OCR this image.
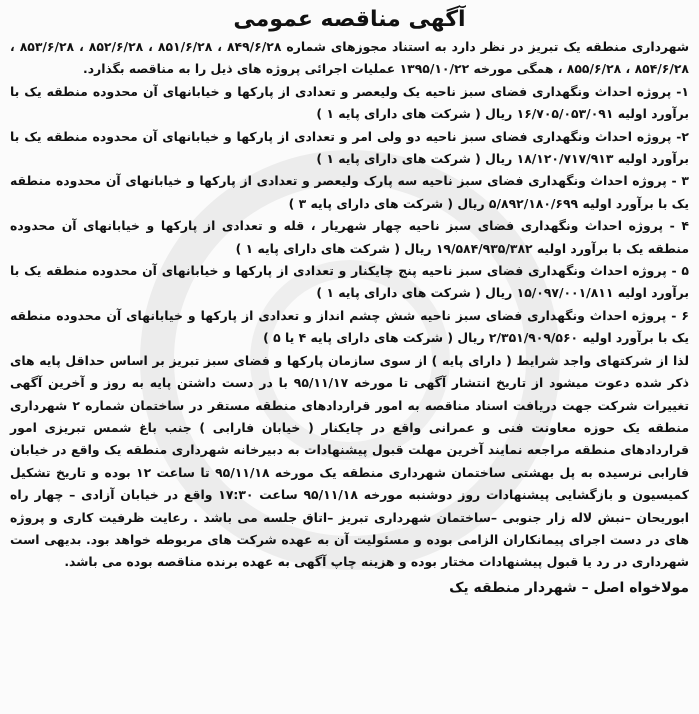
آگهی مناقصه عمومی

شهرداری منطقه یک تبریز در نظر دارد به استناد مجوزهای شماره ۸۴۹/۶/۲۸ ، ۸۵۱/۶/۲۸ ، ۸۵۲/۶/۲۸ ، ۸۵۳/۶/۲۸ ، ۸۵۴/۶/۲۸ ، ۸۵۵/۶/۲۸ ، همگی مورخه ۱۳۹۵/۱۰/۲۲ عملیات اجرائی پروژه های ذیل را به مناقصه بگذارد.

۱- پروژه احداث ونگهداری فضای سبز ناحیه یک ولیعصر و تعدادی از پارکها و خیابانهای آن محدوده منطقه یک با برآورد اولیه ۱۶/۷۰۵/۰۵۳/۰۹۱ ریال ( شرکت های دارای پایه ۱ )

۲- پروژه احداث ونگهداری فضای سبز ناحیه دو ولی امر و تعدادی از پارکها و خیابانهای آن محدوده منطقه یک با برآورد اولیه ۱۸/۱۲۰/۷۱۷/۹۱۳ ریال ( شرکت های دارای پایه ۱ )

۳ - پروژه احداث ونگهداری فضای سبز ناحیه سه پارک ولیعصر و تعدادی از پارکها و خیابانهای آن محدوده منطقه یک با برآورد اولیه ۵/۸۹۲/۱۸۰/۶۹۹ ریال ( شرکت های دارای پایه ۳ )

۴ - پروژه احداث ونگهداری فضای سبز ناحیه چهار شهریار ، قله و تعدادی از پارکها و خیابانهای آن محدوده منطقه یک با برآورد اولیه ۱۹/۵۸۴/۹۳۵/۳۸۲ ریال ( شرکت های دارای پایه ۱ )

۵ - پروژه احداث ونگهداری فضای سبز ناحیه پنج چایکنار و تعدادی از پارکها و خیابانهای آن محدوده منطقه یک با برآورد اولیه ۱۵/۰۹۷/۰۰۱/۸۱۱ ریال ( شرکت های دارای پایه ۱ )

۶ - پروژه احداث ونگهداری فضای سبز ناحیه شش چشم انداز و تعدادی از پارکها و خیابانهای آن محدوده منطقه یک با برآورد اولیه ۲/۳۵۱/۹۰۹/۵۶۰ ریال ( شرکت های دارای پایه ۴ یا ۵ )

لذا از شرکتهای واجد شرایط ( دارای پایه ) از سوی سازمان پارکها و فضای سبز تبریز بر اساس حداقل پایه های ذکر شده دعوت میشود از تاریخ انتشار آگهی تا مورخه ۹۵/۱۱/۱۷ با در دست داشتن پایه به روز و آخرین آگهی تغییرات شرکت جهت دریافت اسناد مناقصه به امور قراردادهای منطقه مستقر در ساختمان شماره ۲ شهرداری منطقه یک حوزه معاونت فنی و عمرانی واقع در چایکنار ( خیابان فارابی ) جنب باغ شمس تبریزی امور قراردادهای منطقه مراجعه نمایند آخرین مهلت قبول پیشنهادات به دبیرخانه شهرداری منطقه یک واقع در خیابان فارابی نرسیده به پل بهشتی ساختمان شهرداری منطقه یک مورخه ۹۵/۱۱/۱۸ تا ساعت ۱۲ بوده و تاریخ تشکیل کمیسیون و بازگشایی پیشنهادات روز دوشنبه مورخه ۹۵/۱۱/۱۸ ساعت ۱۷:۳۰ واقع در خیابان آزادی – چهار راه ابوریحان –نبش لاله زار جنوبی –ساختمان شهرداری تبریز –اتاق جلسه می باشد . رعایت ظرفیت کاری و پروژه های در دست اجرای پیمانکاران الزامی بوده و مسئولیت آن به عهده شرکت های مربوطه خواهد بود. بدیهی است شهرداری در رد یا قبول پیشنهادات مختار بوده و هزینه چاپ آگهی به عهده برنده مناقصه بوده می باشد.

مولاخواه اصل – شهردار منطقه یک
